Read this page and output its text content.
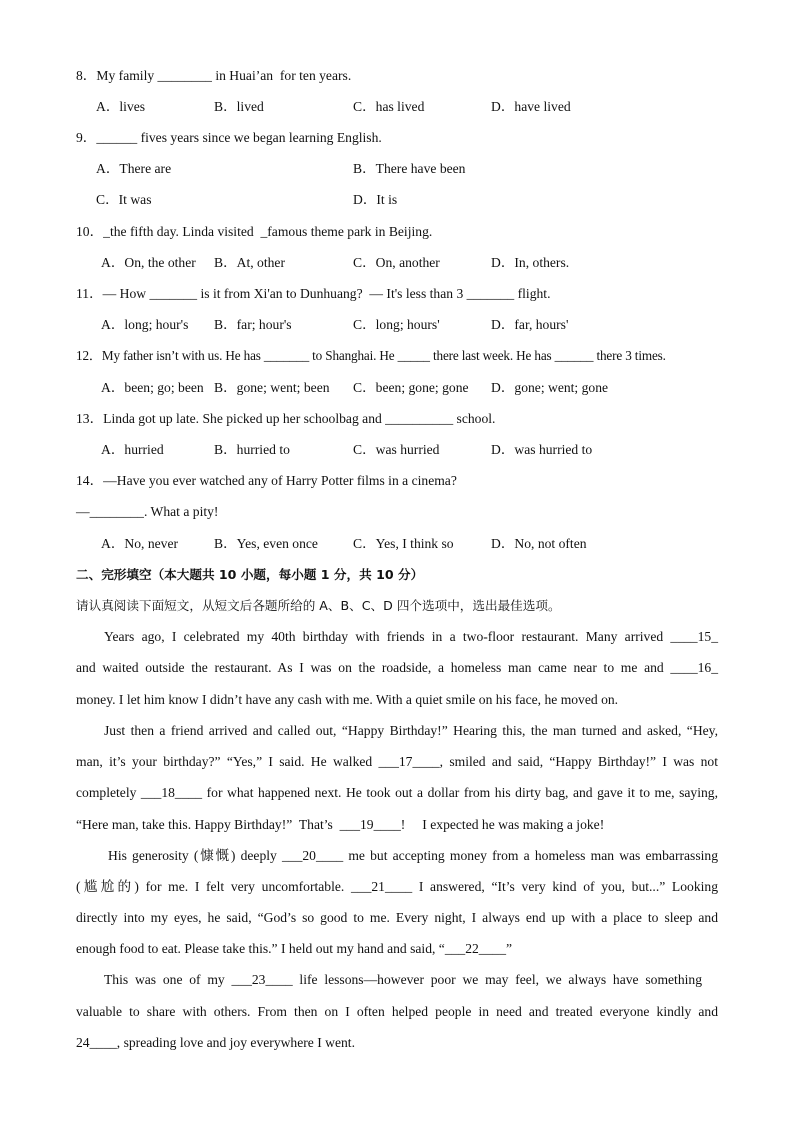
8．My family ________ in Huai’an  for ten years.
A．lives	B．lived	C．has lived	D．have lived
9．______ fives years since we began learning English.
A．There are	B．There have been
C．It was	D．It is
10．_the fifth day. Linda visited  _famous theme park in Beijing.
A．On, the other B．At, other	C．On, another	D．In, others.
11．— How _______ is it from Xi'an to Dunhuang?  — It's less than 3 _______ flight.
A．long; hour's B．far; hour's	C．long; hours'	D．far, hours'
12．My father isn’t with us. He has _______ to Shanghai. He _____ there last week. He has ______ there 3 times.
A．been; go; been B．gone; went; been C．been; gone; gone D．gone; went; gone
13．Linda got up late. She picked up her schoolbag and __________ school.
A．hurried	B．hurried to	C．was hurried	D．was hurried to
14．—Have you ever watched any of Harry Potter films in a cinema?
—________. What a pity!
A．No, never	B．Yes, even once	C．Yes, I think so	D．No, not often
二、完形填空（本大题共 10 小题，每小题 1 分，共 10 分）
请认真阅读下面短文，从短文后各题所给的 A、B、C、D 四个选项中，选出最佳选项。
Years ago, I celebrated my 40th birthday with friends in a two-floor restaurant. Many arrived ____15_
and waited outside the restaurant. As I was on the roadside, a homeless man came near to me and ____16_
money. I let him know I didn’t have any cash with me. With a quiet smile on his face, he moved on.
Just then a friend arrived and called out, “Happy Birthday!” Hearing this, the man turned and asked, “Hey,
man, it’s your birthday?” “Yes,” I said. He walked ___17____, smiled and said, “Happy Birthday!” I was not
completely ___18____ for what happened next. He took out a dollar from his dirty bag, and gave it to me, saying,
“Here man, take this. Happy Birthday!”  That’s  ___19____!     I expected he was making a joke!
His generosity (慷慨) deeply ___20____ me but accepting money from a homeless man was embarrassing
(尴尬的) for me. I felt very uncomfortable. ___21____ I answered, “It’s very kind of you, but...” Looking
directly into my eyes, he said, “God’s so good to me. Every night, I always end up with a place to sleep and
enough food to eat. Please take this.” I held out my hand and said, “___22____”
This was one of my ___23____ life lessons—however poor we may feel, we always have something
valuable to share with others. From then on I often helped people in need and treated everyone kindly and
24____, spreading love and joy everywhere I went.
